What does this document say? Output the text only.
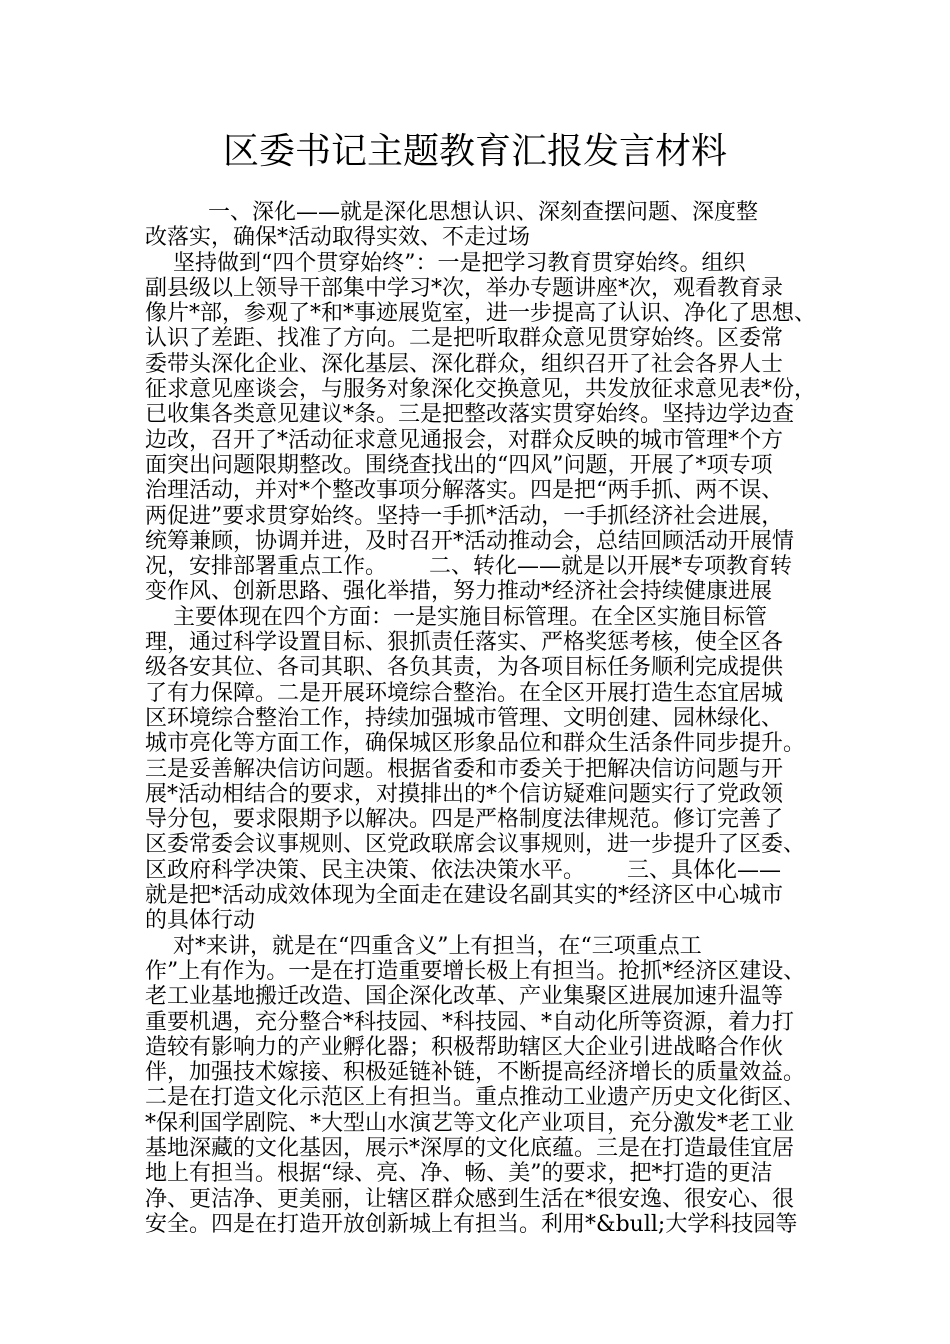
区委书记主题教育汇报发言材料
一、深化——就是深化思想认识、深刻查摆问题、深度整
改落实，确保*活动取得实效、不走过场
坚持做到“四个贯穿始终”：一是把学习教育贯穿始终。组织
副县级以上领导干部集中学习*次，举办专题讲座*次，观看教育录
像片*部，参观了*和*事迹展览室，进一步提高了认识、净化了思想、
认识了差距、找准了方向。二是把听取群众意见贯穿始终。区委常
委带头深化企业、深化基层、深化群众，组织召开了社会各界人士
征求意见座谈会，与服务对象深化交换意见，共发放征求意见表*份，
已收集各类意见建议*条。三是把整改落实贯穿始终。坚持边学边查
边改，召开了*活动征求意见通报会，对群众反映的城市管理*个方
面突出问题限期整改。围绕查找出的“四风”问题，开展了*项专项
治理活动，并对*个整改事项分解落实。四是把“两手抓、两不误、
两促进”要求贯穿始终。坚持一手抓*活动，一手抓经济社会进展，
统筹兼顾，协调并进，及时召开*活动推动会，总结回顾活动开展情
况，安排部署重点工作。      二、转化——就是以开展*专项教育转
变作风、创新思路、强化举措，努力推动*经济社会持续健康进展
主要体现在四个方面：一是实施目标管理。在全区实施目标管
理，通过科学设置目标、狠抓责任落实、严格奖惩考核，使全区各
级各安其位、各司其职、各负其责，为各项目标任务顺利完成提供
了有力保障。二是开展环境综合整治。在全区开展打造生态宜居城
区环境综合整治工作，持续加强城市管理、文明创建、园林绿化、
城市亮化等方面工作，确保城区形象品位和群众生活条件同步提升。
三是妥善解决信访问题。根据省委和市委关于把解决信访问题与开
展*活动相结合的要求，对摸排出的*个信访疑难问题实行了党政领
导分包，要求限期予以解决。四是严格制度法律规范。修订完善了
区委常委会议事规则、区党政联席会议事规则，进一步提升了区委、
区政府科学决策、民主决策、依法决策水平。      三、具体化——
就是把*活动成效体现为全面走在建设名副其实的*经济区中心城市
的具体行动
对*来讲，就是在“四重含义”上有担当，在“三项重点工
作”上有作为。一是在打造重要增长极上有担当。抢抓*经济区建设、
老工业基地搬迁改造、国企深化改革、产业集聚区进展加速升温等
重要机遇，充分整合*科技园、*科技园、*自动化所等资源，着力打
造较有影响力的产业孵化器；积极帮助辖区大企业引进战略合作伙
伴，加强技术嫁接、积极延链补链，不断提高经济增长的质量效益。
二是在打造文化示范区上有担当。重点推动工业遗产历史文化街区、
*保利国学剧院、*大型山水演艺等文化产业项目，充分激发*老工业
基地深藏的文化基因，展示*深厚的文化底蕴。三是在打造最佳宜居
地上有担当。根据“绿、亮、净、畅、美”的要求，把*打造的更洁
净、更洁净、更美丽，让辖区群众感到生活在*很安逸、很安心、很
安全。四是在打造开放创新城上有担当。利用*&bull;大学科技园等
